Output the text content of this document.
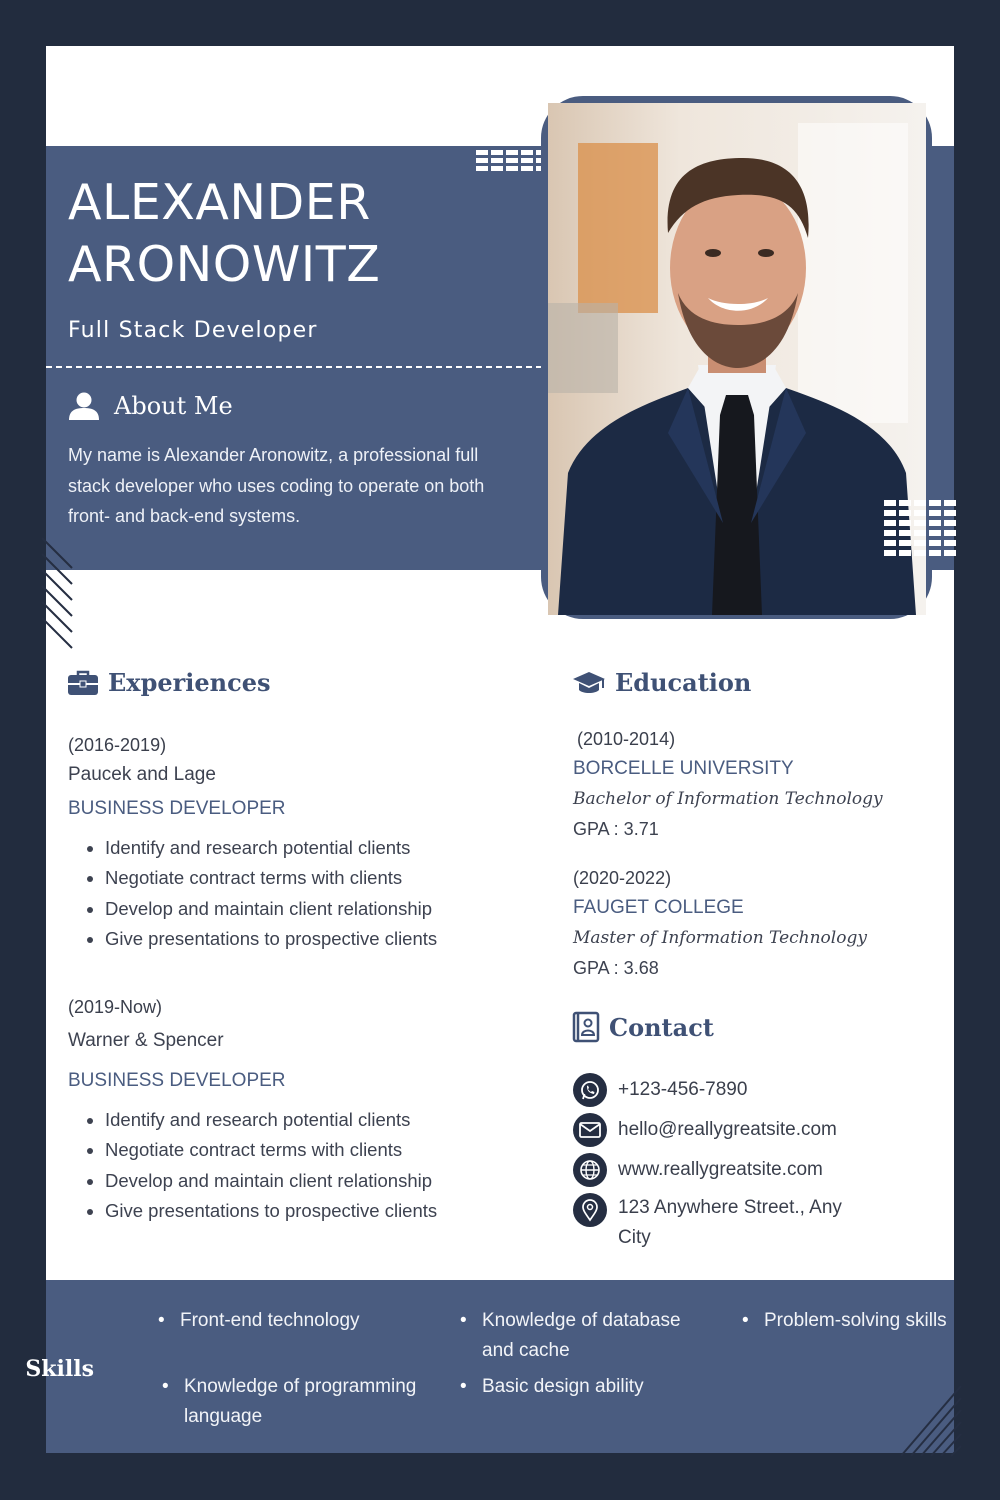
ALEXANDER
ARONOWITZ
Full Stack Developer
About Me
My name is Alexander Aronowitz, a professional full stack developer who uses coding to operate on both front- and back-end systems.
Experiences
(2016-2019)
Paucek and Lage
BUSINESS DEVELOPER
• Identify and research potential clients
• Negotiate contract terms with clients
• Develop and maintain client relationship
• Give presentations to prospective clients
(2019-Now)
Warner & Spencer
BUSINESS DEVELOPER
• Identify and research potential clients
• Negotiate contract terms with clients
• Develop and maintain client relationship
• Give presentations to prospective clients
Education
(2010-2014)
BORCELLE UNIVERSITY
Bachelor of Information Technology
GPA : 3.71
(2020-2022)
FAUGET COLLEGE
Master of Information Technology
GPA : 3.68
Contact
+123-456-7890
hello@reallygreatsite.com
www.reallygreatsite.com
123 Anywhere Street., Any City
Skills
• Front-end technology
• Knowledge of programming language
• Knowledge of database and cache
• Basic design ability
• Problem-solving skills
